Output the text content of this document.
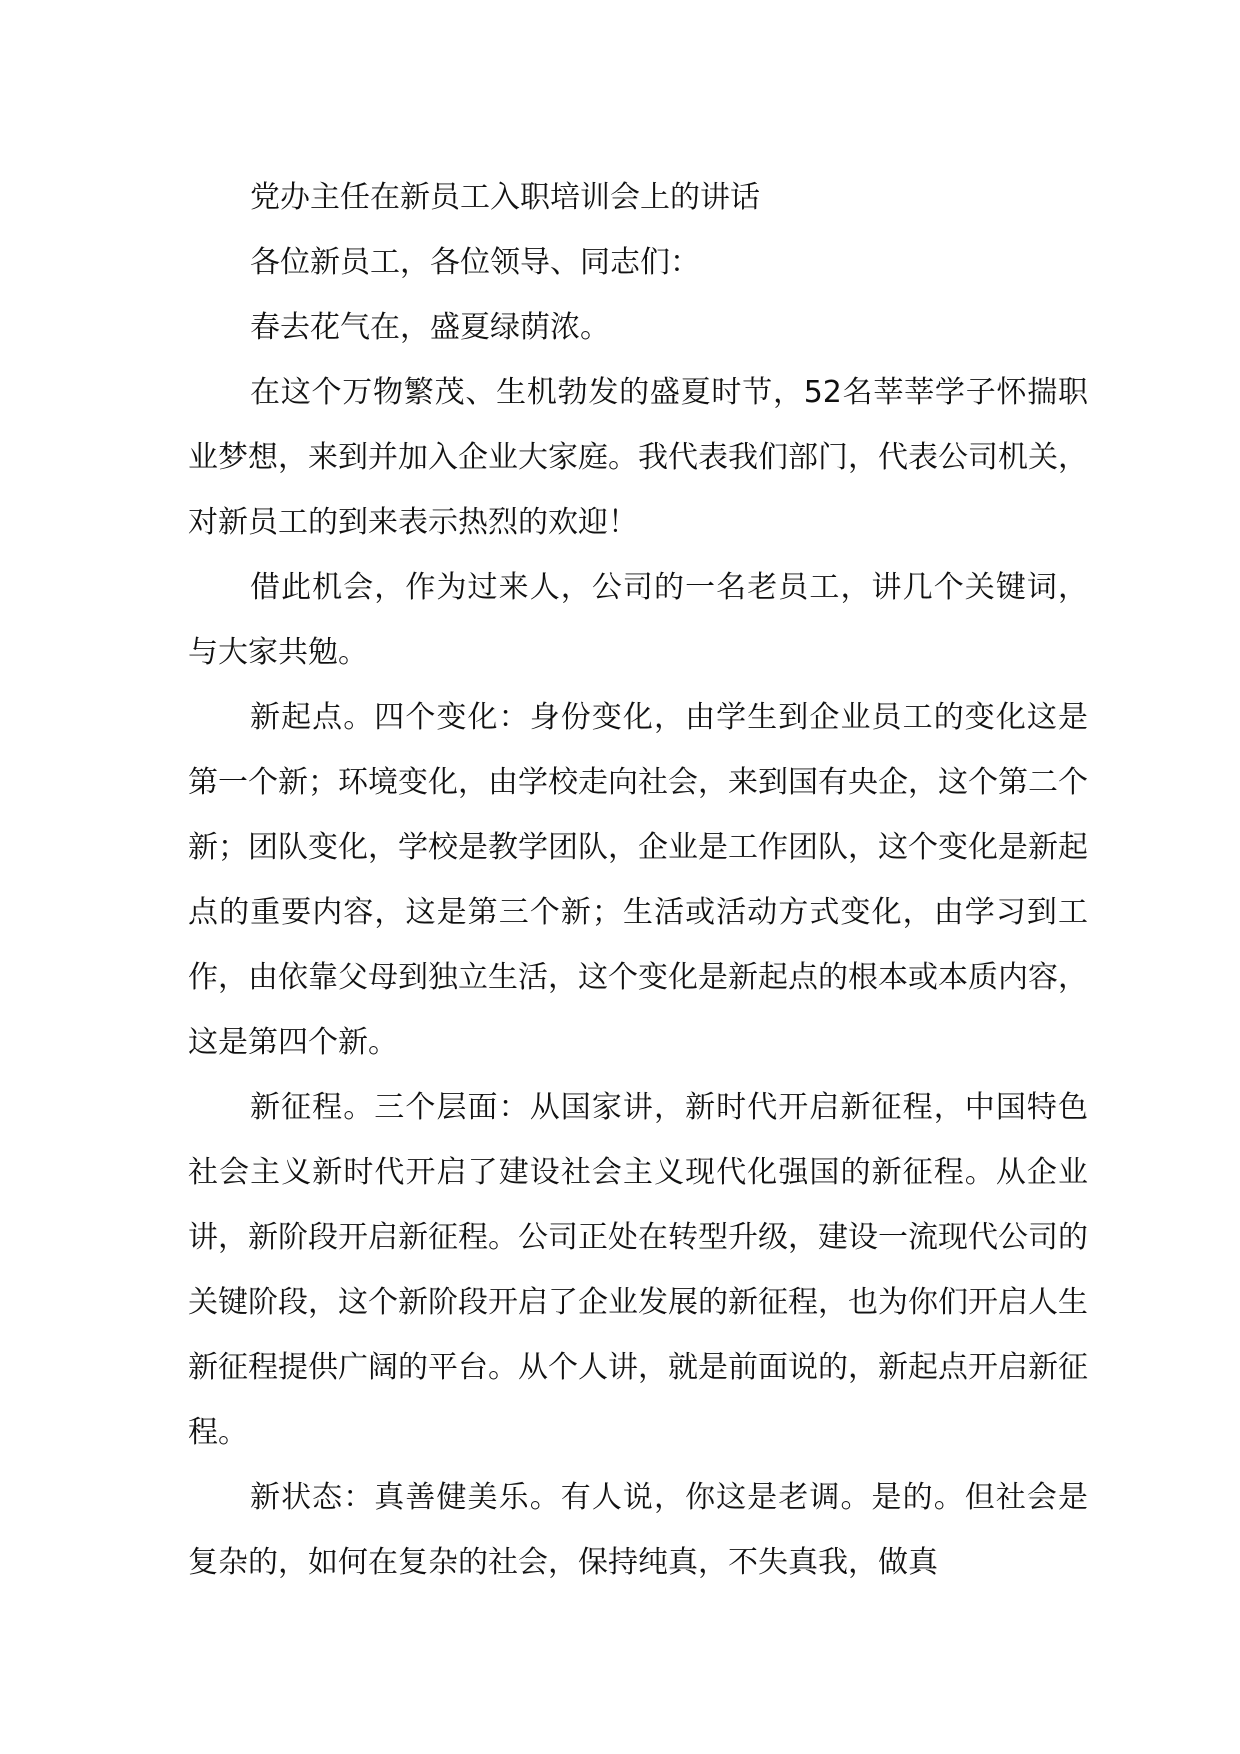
党办主任在新员工入职培训会上的讲话

各位新员工，各位领导、同志们：

春去花气在，盛夏绿荫浓。

在这个万物繁茂、生机勃发的盛夏时节，52名莘莘学子怀揣职业梦想，来到并加入企业大家庭。我代表我们部门，代表公司机关，对新员工的到来表示热烈的欢迎！

借此机会，作为过来人，公司的一名老员工，讲几个关键词，与大家共勉。

新起点。四个变化：身份变化，由学生到企业员工的变化这是第一个新；环境变化，由学校走向社会，来到国有央企，这个第二个新；团队变化，学校是教学团队，企业是工作团队，这个变化是新起点的重要内容，这是第三个新；生活或活动方式变化，由学习到工作，由依靠父母到独立生活，这个变化是新起点的根本或本质内容，这是第四个新。

新征程。三个层面：从国家讲，新时代开启新征程，中国特色社会主义新时代开启了建设社会主义现代化强国的新征程。从企业讲，新阶段开启新征程。公司正处在转型升级，建设一流现代公司的关键阶段，这个新阶段开启了企业发展的新征程，也为你们开启人生新征程提供广阔的平台。从个人讲，就是前面说的，新起点开启新征程。

新状态：真善健美乐。有人说，你这是老调。是的。但社会是复杂的，如何在复杂的社会，保持纯真，不失真我，做真
